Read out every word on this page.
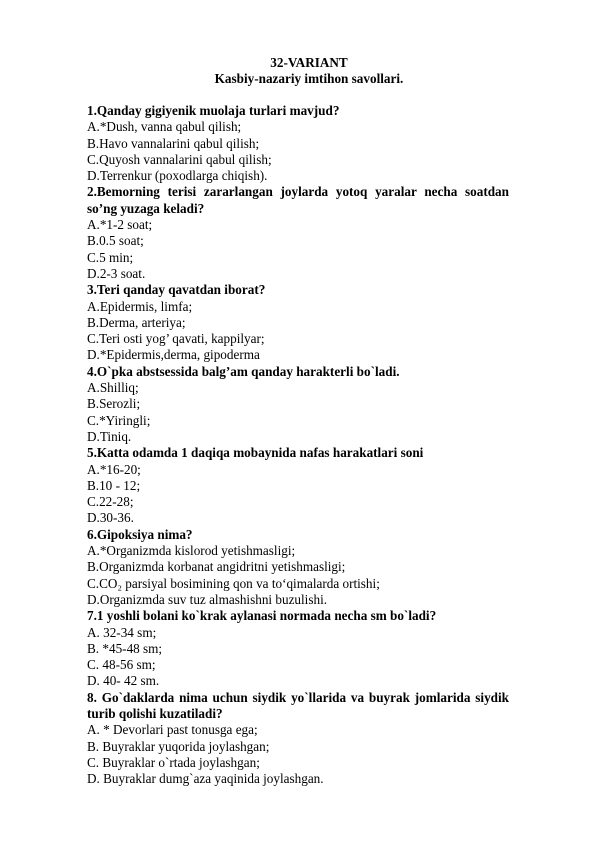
32-VARIANT
Kasbiy-nazariy imtihon savollari.
1.Qanday gigiyenik muolaja turlari mavjud?
A.*Dush, vanna qabul qilish;
B.Havo vannalarini qabul qilish;
C.Quyosh vannalarini qabul qilish;
D.Terrenkur (poxodlarga chiqish).
2.Bemorning terisi zararlangan joylarda yotoq yaralar necha soatdan so’ng yuzaga keladi?
A.*1-2 soat;
B.0.5 soat;
C.5 min;
D.2-3 soat.
3.Teri qanday qavatdan iborat?
A.Epidermis, limfa;
B.Derma, arteriya;
C.Teri osti yog’ qavati, kappilyar;
D.*Epidermis,derma, gipoderma
4.O`pka abstsessida balg’am qanday harakterli bo`ladi.
A.Shilliq;
B.Serozli;
C.*Yiringli;
D.Tiniq.
5.Katta odamda 1 daqiqa mobaynida nafas harakatlari soni
A.*16-20;
B.10 - 12;
C.22-28;
D.30-36.
6.Gipoksiya nima?
A.*Organizmda kislorod yetishmasligi;
B.Organizmda korbanat angidritni yetishmasligi;
C.CO₂ parsiyal bosimining qon va to‘qimalarda ortishi;
D.Organizmda suv tuz almashishni buzulishi.
7.1 yoshli bolani ko`krak aylanasi normada necha sm bo`ladi?
A. 32-34 sm;
B. *45-48 sm;
C. 48-56 sm;
D. 40- 42 sm.
8. Go`daklarda nima uchun siydik yo`llarida va buyrak jomlarida siydik turib qolishi kuzatiladi?
A. * Devorlari past tonusga ega;
B. Buyraklar yuqorida joylashgan;
C. Buyraklar o`rtada joylashgan;
D. Buyraklar dumg`aza yaqinida joylashgan.
